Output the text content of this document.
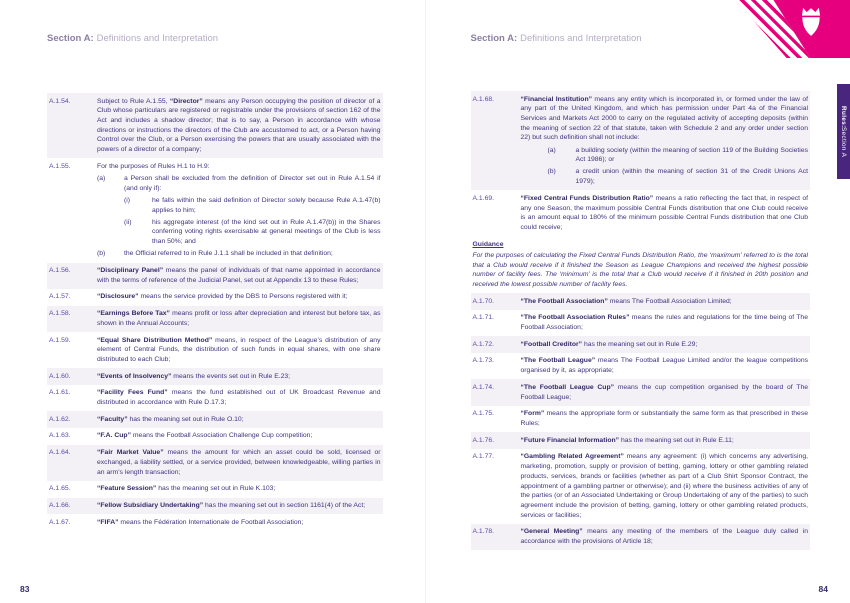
Section A: Definitions and Interpretation
A.1.54.	Subject to Rule A.1.55, “Director” means any Person occupying the position of director of a Club whose particulars are registered or registrable under the provisions of section 162 of the Act and includes a shadow director; that is to say, a Person in accordance with whose directions or instructions the directors of the Club are accustomed to act, or a Person having Control over the Club, or a Person exercising the powers that are usually associated with the powers of a director of a company;
A.1.55.	For the purposes of Rules H.1 to H.9:
(a)	a Person shall be excluded from the definition of Director set out in Rule A.1.54 if (and only if):
(i)	he falls within the said definition of Director solely because Rule A.1.47(b) applies to him;
(ii)	his aggregate interest (of the kind set out in Rule A.1.47(b)) in the Shares conferring voting rights exercisable at general meetings of the Club is less than 50%; and
(b)	the Official referred to in Rule J.1.1 shall be included in that definition;
A.1.56.	“Disciplinary Panel” means the panel of individuals of that name appointed in accordance with the terms of reference of the Judicial Panel, set out at Appendix 13 to these Rules;
A.1.57.	“Disclosure” means the service provided by the DBS to Persons registered with it;
A.1.58.	“Earnings Before Tax” means profit or loss after depreciation and interest but before tax, as shown in the Annual Accounts;
A.1.59.	“Equal Share Distribution Method” means, in respect of the League’s distribution of any element of Central Funds, the distribution of such funds in equal shares, with one share distributed to each Club;
A.1.60.	“Events of Insolvency” means the events set out in Rule E.23;
A.1.61.	“Facility Fees Fund” means the fund established out of UK Broadcast Revenue and distributed in accordance with Rule D.17.3;
A.1.62.	“Faculty” has the meaning set out in Rule O.10;
A.1.63.	“F.A. Cup” means the Football Association Challenge Cup competition;
A.1.64.	“Fair Market Value” means the amount for which an asset could be sold, licensed or exchanged, a liability settled, or a service provided, between knowledgeable, willing parties in an arm’s length transaction;
A.1.65.	“Feature Session” has the meaning set out in Rule K.103;
A.1.66.	“Fellow Subsidiary Undertaking” has the meaning set out in section 1161(4) of the Act;
A.1.67.	“FIFA” means the Fédération Internationale de Football Association;
83
Section A: Definitions and Interpretation
A.1.68.	“Financial Institution” means any entity which is incorporated in, or formed under the law of any part of the United Kingdom, and which has permission under Part 4a of the Financial Services and Markets Act 2000 to carry on the regulated activity of accepting deposits (within the meaning of section 22 of that statute, taken with Schedule 2 and any order under section 22) but such definition shall not include:
(a)	a building society (within the meaning of section 119 of the Building Societies Act 1986); or
(b)	a credit union (within the meaning of section 31 of the Credit Unions Act 1979);
A.1.69.	“Fixed Central Funds Distribution Ratio” means a ratio reflecting the fact that, in respect of any one Season, the maximum possible Central Funds distribution that one Club could receive is an amount equal to 180% of the minimum possible Central Funds distribution that one Club could receive;
Guidance
For the purposes of calculating the Fixed Central Funds Distribution Ratio, the ‘maximum’ referred to is the total that a Club would receive if it finished the Season as League Champions and received the highest possible number of facility fees. The ‘minimum’ is the total that a Club would receive if it finished in 20th position and received the lowest possible number of facility fees.
A.1.70.	“The Football Association” means The Football Association Limited;
A.1.71.	“The Football Association Rules” means the rules and regulations for the time being of The Football Association;
A.1.72.	“Football Creditor” has the meaning set out in Rule E.29;
A.1.73.	“The Football League” means The Football League Limited and/or the league competitions organised by it, as appropriate;
A.1.74.	“The Football League Cup” means the cup competition organised by the board of The Football League;
A.1.75.	“Form” means the appropriate form or substantially the same form as that prescribed in these Rules;
A.1.76.	“Future Financial Information” has the meaning set out in Rule E.11;
A.1.77.	“Gambling Related Agreement” means any agreement: (i) which concerns any advertising, marketing, promotion, supply or provision of betting, gaming, lottery or other gambling related products, services, brands or facilities (whether as part of a Club Shirt Sponsor Contract, the appointment of a gambling partner or otherwise); and (ii) where the business activities of any of the parties (or of an Associated Undertaking or Group Undertaking of any of the parties) to such agreement include the provision of betting, gaming, lottery or other gambling related products, services or facilities;
A.1.78.	“General Meeting” means any meeting of the members of the League duly called in accordance with the provisions of Article 18;
84
Rules:
Section A
